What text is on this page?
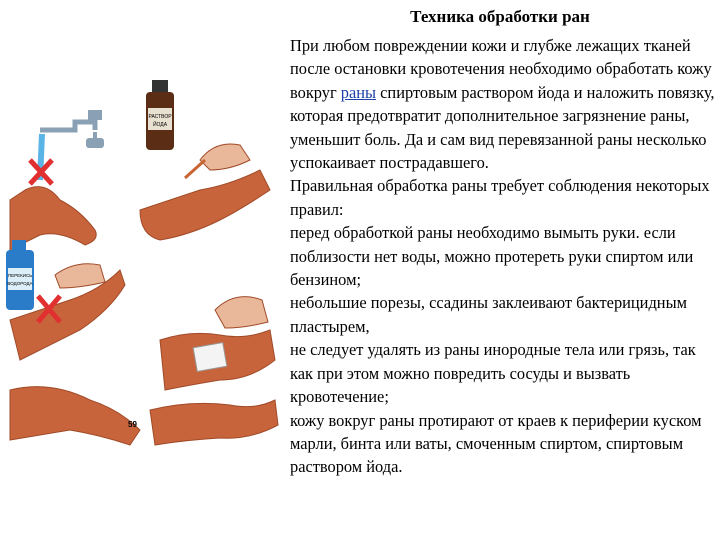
РАСТВОР
ЙОДА
ПЕРЕКИСЬ
ВОДОРОДА
59
Техника обработки ран

При любом повреждении кожи и глубже лежащих тканей после остановки кровотечения необходимо обработать кожу вокруг раны спиртовым раствором йода и наложить повязку, которая предотвратит дополнительное загрязнение раны, уменьшит боль. Да и сам вид перевязанной раны несколько успокаивает пострадавшего.

Правильная обработка раны требует соблюдения некоторых правил:

перед обработкой раны необходимо вымыть руки. если поблизости нет воды, можно протереть руки спиртом или бензином;

небольшие порезы, ссадины заклеивают бактерицидным пластырем,

не следует удалять из раны инородные тела или грязь, так как при этом можно повредить сосуды и вызвать кровотечение;

кожу вокруг раны протирают от краев к периферии куском марли, бинта или ваты, смоченным спиртом, спиртовым раствором йода.
